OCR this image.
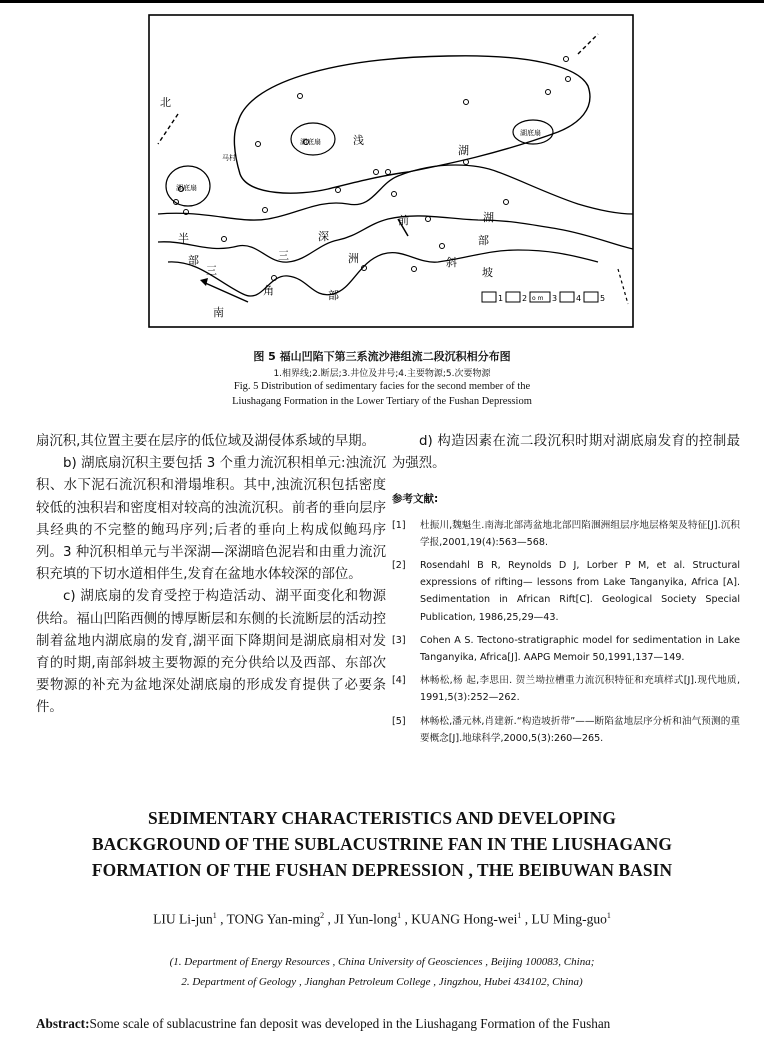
浅
湖
前	湖
深
半
部	三
三
角	部
洲	斜
坡
部
南
北
湖底扇
湖底扇
湖底扇
马村
1 2 o m 3 4 5
图 5 福山凹陷下第三系流沙港组流二段沉积相分布图
1.相界线;2.断层;3.井位及井号;4.主要物源;5.次要物源
Fig. 5 Distribution of sedimentary facies for the second member of the
Liushagang Formation in the Lower Tertiary of the Fushan Depressiom

扇沉积,其位置主要在层序的低位域及湖侵体系域的早期。

b) 湖底扇沉积主要包括 3 个重力流沉积相单元:浊流沉积、水下泥石流沉积和滑塌堆积。其中,浊流沉积包括密度较低的浊积岩和密度相对较高的浊流沉积。前者的垂向层序具经典的不完整的鲍玛序列;后者的垂向上构成似鲍玛序列。3 种沉积相单元与半深湖—深湖暗色泥岩和由重力流沉积充填的下切水道相伴生,发育在盆地水体较深的部位。

c) 湖底扇的发育受控于构造活动、湖平面变化和物源供给。福山凹陷西侧的博厚断层和东侧的长流断层的活动控制着盆地内湖底扇的发育,湖平面下降期间是湖底扇相对发育的时期,南部斜坡主要物源的充分供给以及西部、东部次要物源的补充为盆地深处湖底扇的形成发育提供了必要条件。

d) 构造因素在流二段沉积时期对湖底扇发育的控制最为强烈。

参考文献:
[1] 杜振川,魏魁生.南海北部湾盆地北部凹陷涠洲组层序地层格架及特征[J].沉积学报,2001,19(4):563—568.
[2] Rosendahl B R, Reynolds D J, Lorber P M, et al. Structural expressions of rifting— lessons from Lake Tanganyika, Africa [A]. Sedimentation in African Rift[C]. Geological Society Special Publication, 1986,25,29—43.
[3] Cohen A S. Tectono-stratigraphic model for sedimentation in Lake Tanganyika, Africa[J]. AAPG Memoir 50,1991,137—149.
[4] 林畅松,杨 起,李思田. 贺兰坳拉槽重力流沉积特征和充填样式[J].现代地质, 1991,5(3):252—262.
[5] 林畅松,潘元林,肖建新.“构造坡折带”——断陷盆地层序分析和油气预测的重要概念[J].地球科学,2000,5(3):260—265.
SEDIMENTARY CHARACTERISTICS AND DEVELOPING
BACKGROUND OF THE SUBLACUSTRINE FAN IN THE LIUSHAGANG
FORMATION OF THE FUSHAN DEPRESSION , THE BEIBUWAN BASIN
LIU Li-jun$^1$ , TONG Yan-ming$^2$ , JI Yun-long$^1$ , KUANG Hong-wei$^1$ , LU Ming-guo$^1$
(1. Department of Energy Resources , China University of Geosciences , Beijing 100083, China;
2. Department of Geology , Jianghan Petroleum College , Jingzhou, Hubei 434102, China)
Abstract:Some scale of sublacustrine fan deposit was developed in the Liushagang Formation of the Fushan
